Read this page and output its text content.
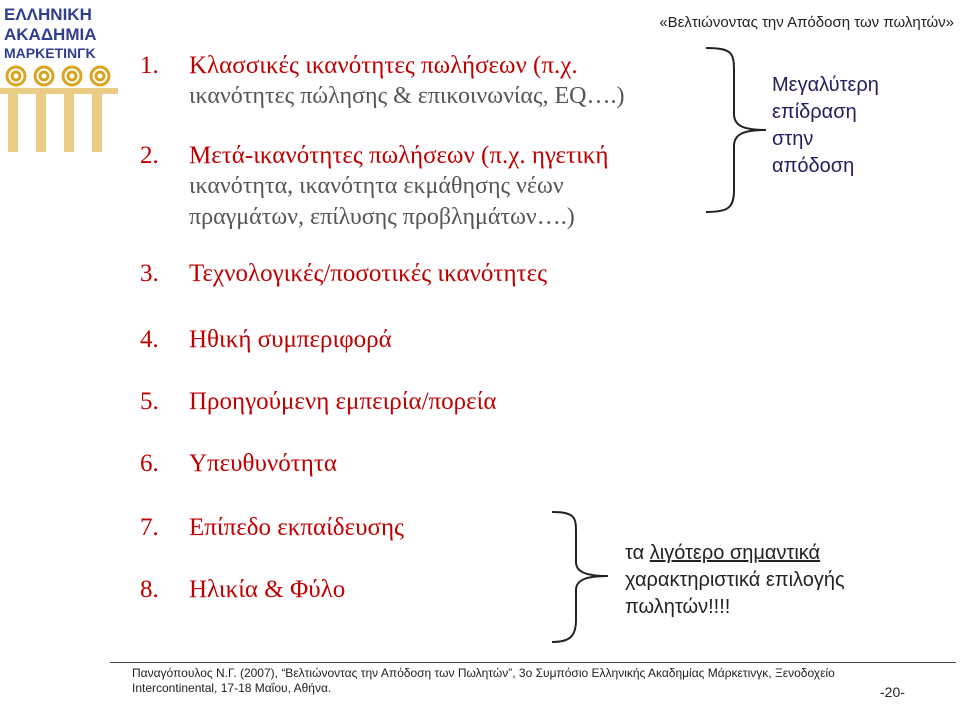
ΕΛΛΗΝΙΚΗ
ΑΚΑΔΗΜΙΑ
ΜΑΡΚΕΤΙΝΓΚ
«Βελτιώνοντας την Απόδοση των πωλητών»
1. Κλασσικές ικανότητες πωλήσεων (π.χ.
ικανότητες πώλησης & επικοινωνίας, EQ….)
2. Μετά-ικανότητες πωλήσεων (π.χ. ηγετική
ικανότητα, ικανότητα εκμάθησης νέων
πραγμάτων, επίλυσης προβλημάτων….)
3. Τεχνολογικές/ποσοτικές ικανότητες
4. Ηθική συμπεριφορά
5. Προηγούμενη εμπειρία/πορεία
6. Υπευθυνότητα
7. Επίπεδο εκπαίδευσης
8. Ηλικία & Φύλο
Μεγαλύτερη
επίδραση
στην
απόδοση
τα λιγότερο σημαντικά
χαρακτηριστικά επιλογής
πωλητών!!!!
Παναγόπουλος Ν.Γ. (2007), “Βελτιώνοντας την Απόδοση των Πωλητών”, 3ο Συμπόσιο Ελληνικής Ακαδημίας Μάρκετινγκ, Ξενοδοχείο
Intercontinental, 17-18 Μαΐου, Αθήνα.	-20-
